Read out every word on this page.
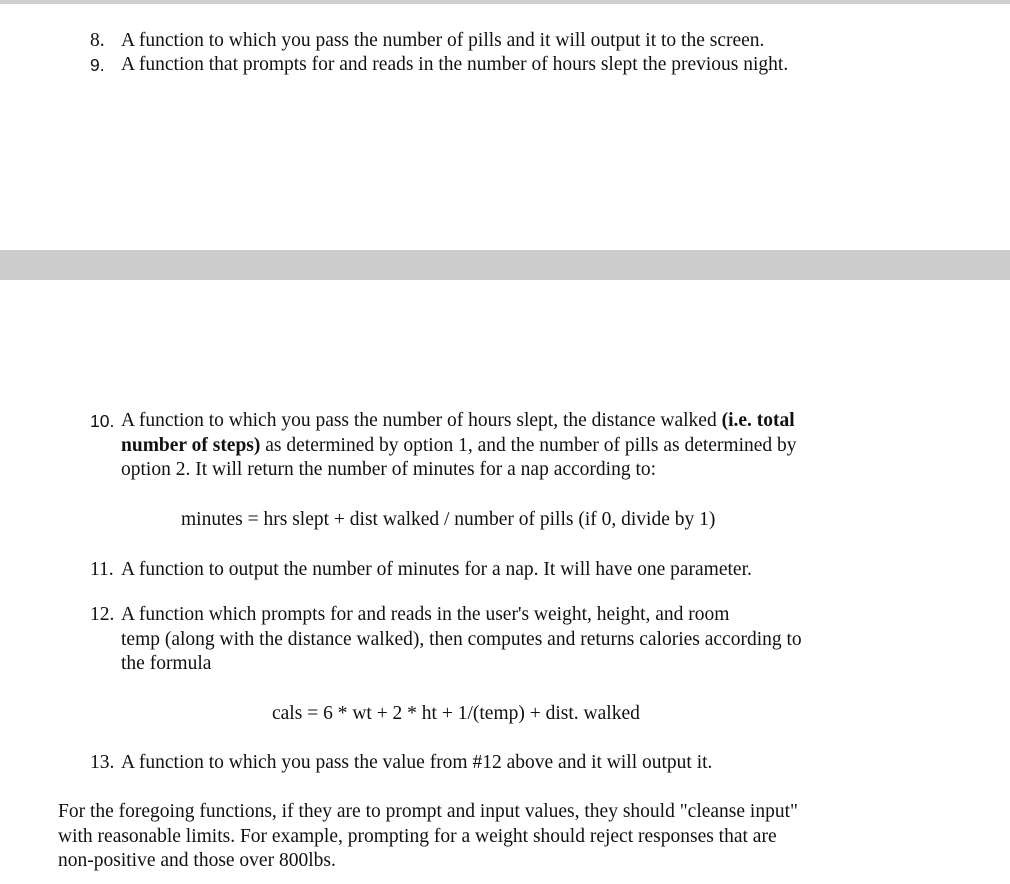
8. A function to which you pass the number of pills and it will output it to the screen.
9. A function that prompts for and reads in the number of hours slept the previous night.
10. A function to which you pass the number of hours slept, the distance walked (i.e. total
number of steps) as determined by option 1, and the number of pills as determined by
option 2. It will return the number of minutes for a nap according to:
minutes = hrs slept + dist walked / number of pills (if 0, divide by 1)
11. A function to output the number of minutes for a nap. It will have one parameter.
12. A function which prompts for and reads in the user's weight, height, and room
temp (along with the distance walked), then computes and returns calories according to
the formula
cals = 6 * wt + 2 * ht + 1/(temp) + dist. walked
13. A function to which you pass the value from #12 above and it will output it.
For the foregoing functions, if they are to prompt and input values, they should "cleanse input"
with reasonable limits. For example, prompting for a weight should reject responses that are
non-positive and those over 800lbs.
